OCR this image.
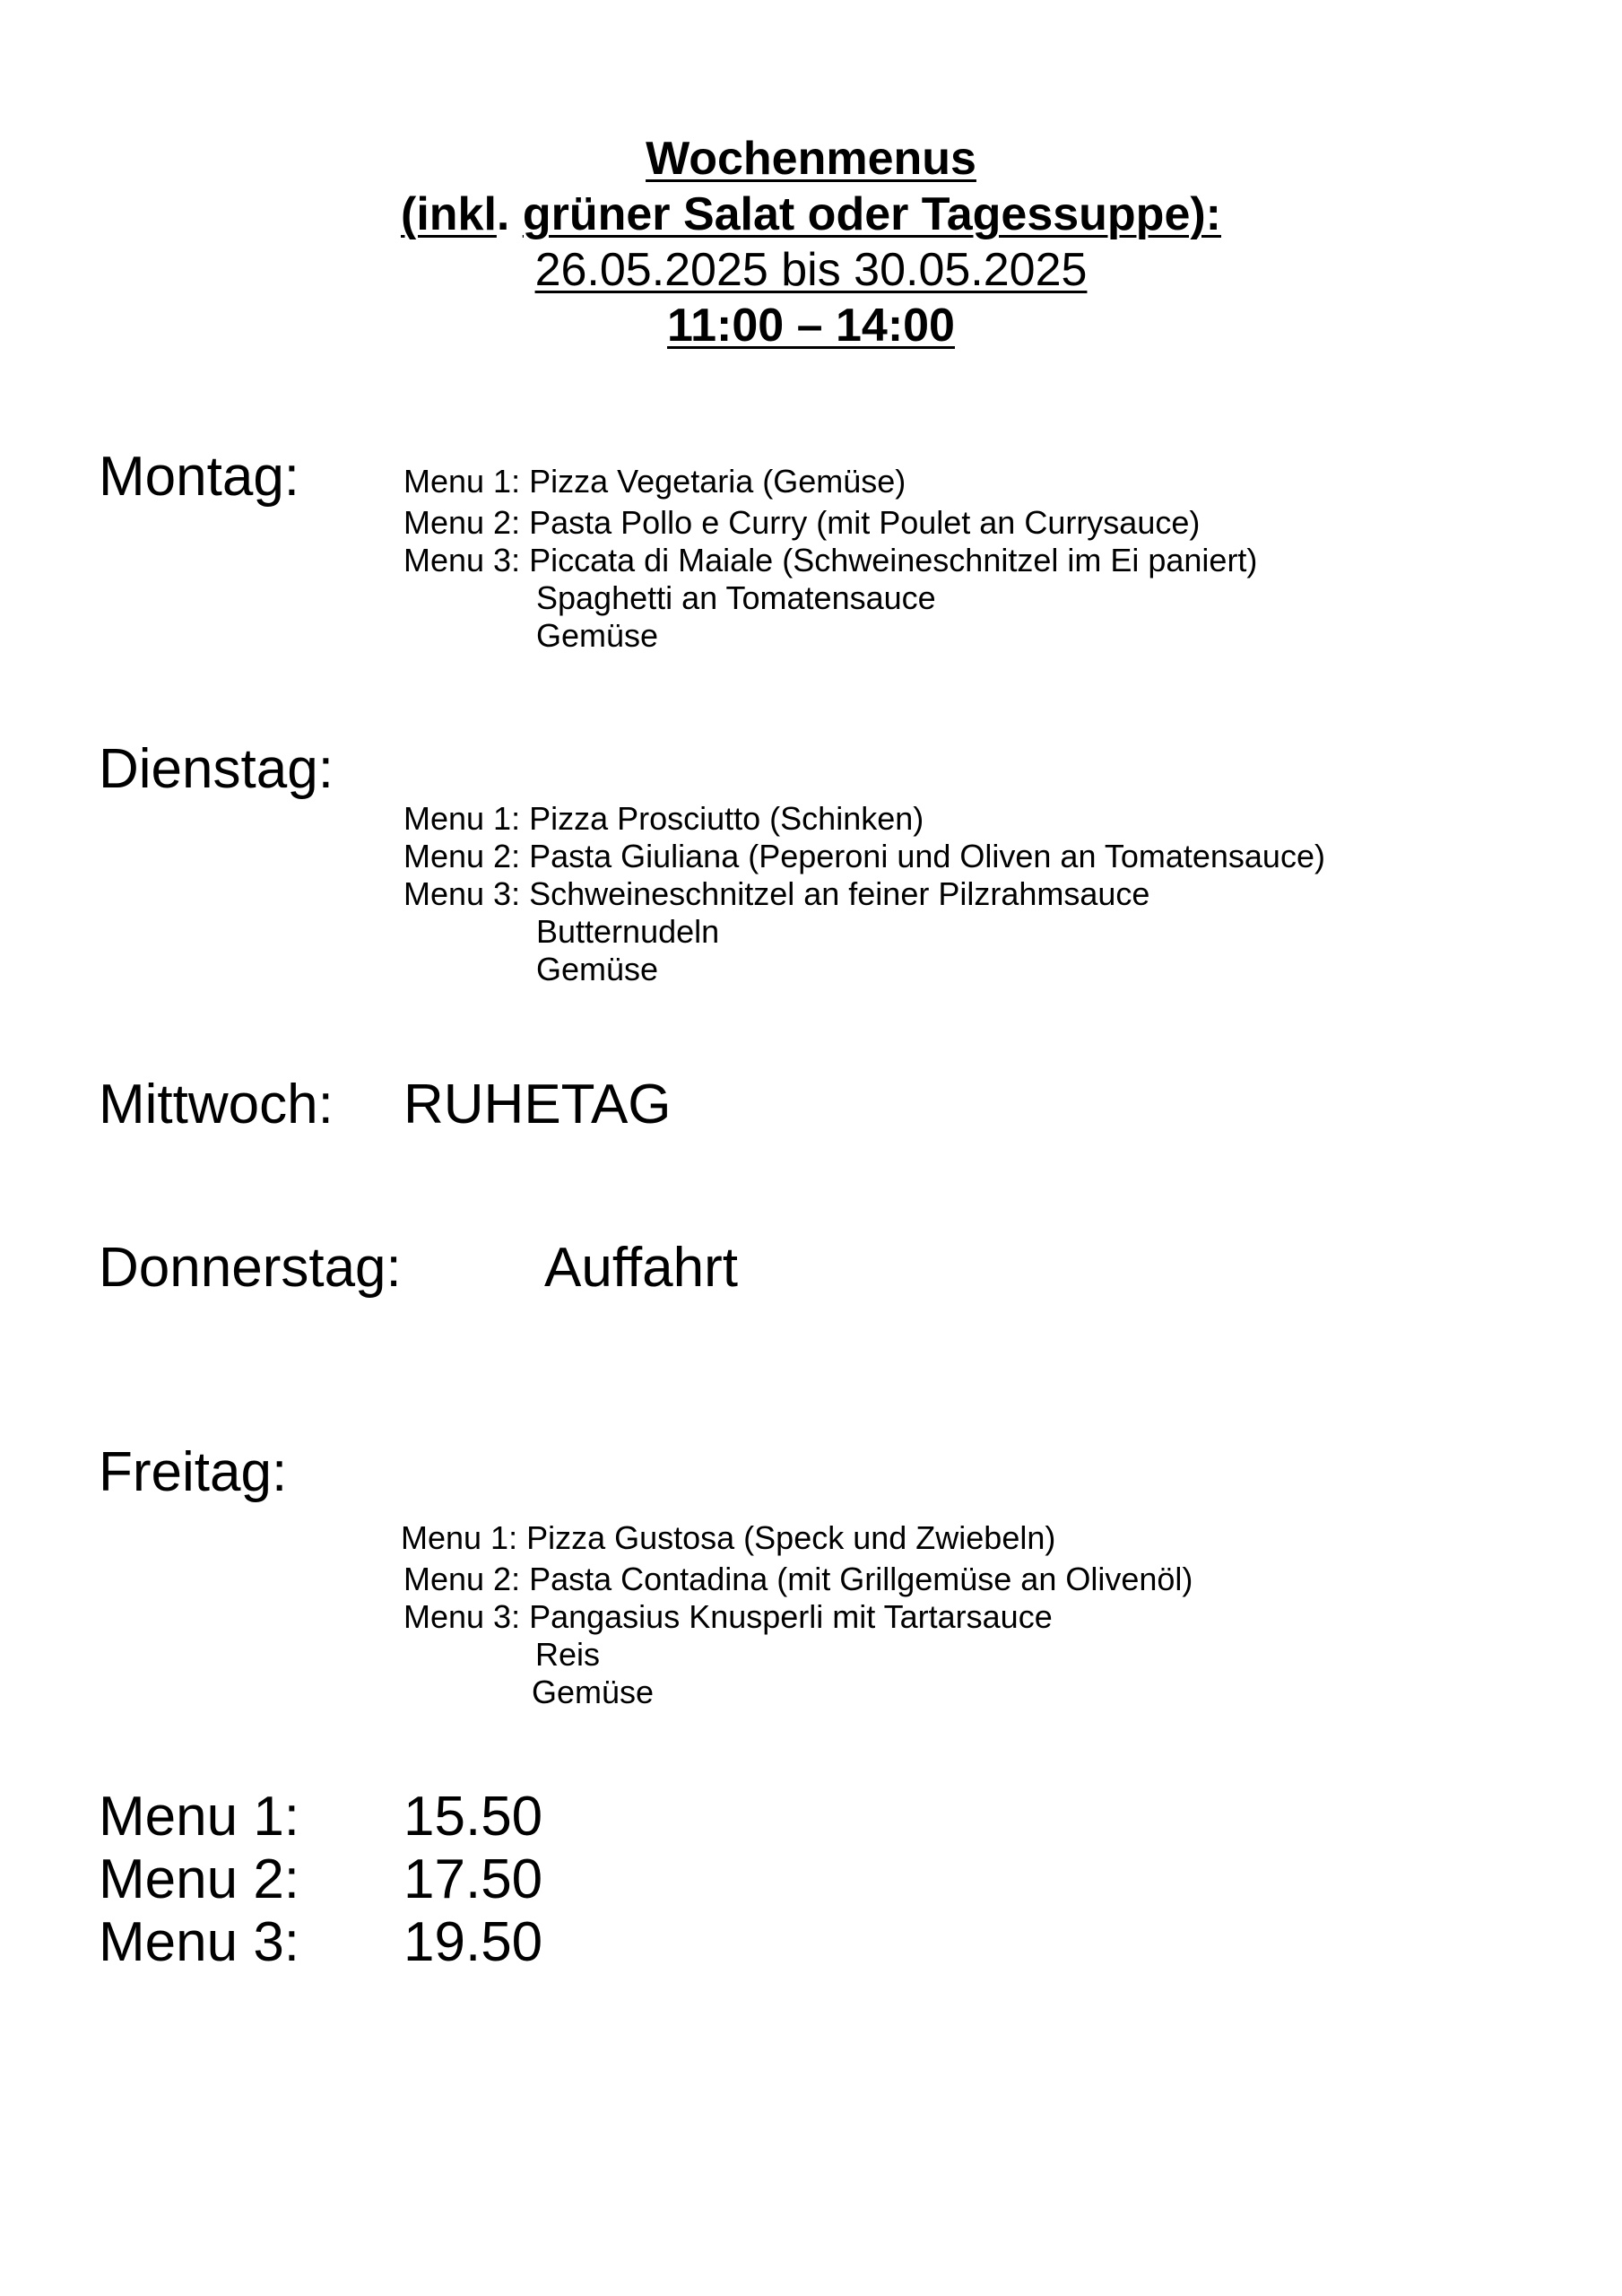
Wochenmenus
(inkl. grüner Salat oder Tagessuppe):
26.05.2025 bis 30.05.2025
11:00 – 14:00
Montag:	Menu 1: Pizza Vegetaria (Gemüse)
Menu 2: Pasta Pollo e Curry (mit Poulet an Currysauce)
Menu 3: Piccata di Maiale (Schweineschnitzel im Ei paniert)
Spaghetti an Tomatensauce
Gemüse
Dienstag:
Menu 1: Pizza Prosciutto (Schinken)
Menu 2: Pasta Giuliana (Peperoni und Oliven an Tomatensauce)
Menu 3: Schweineschnitzel an feiner Pilzrahmsauce
Butternudeln
Gemüse
Mittwoch: RUHETAG
Donnerstag:	Auffahrt
Freitag:
Menu 1: Pizza Gustosa (Speck und Zwiebeln)
Menu 2: Pasta Contadina (mit Grillgemüse an Olivenöl)
Menu 3: Pangasius Knusperli mit Tartarsauce
Reis
Gemüse
Menu 1: 15.50
Menu 2: 17.50
Menu 3: 19.50
